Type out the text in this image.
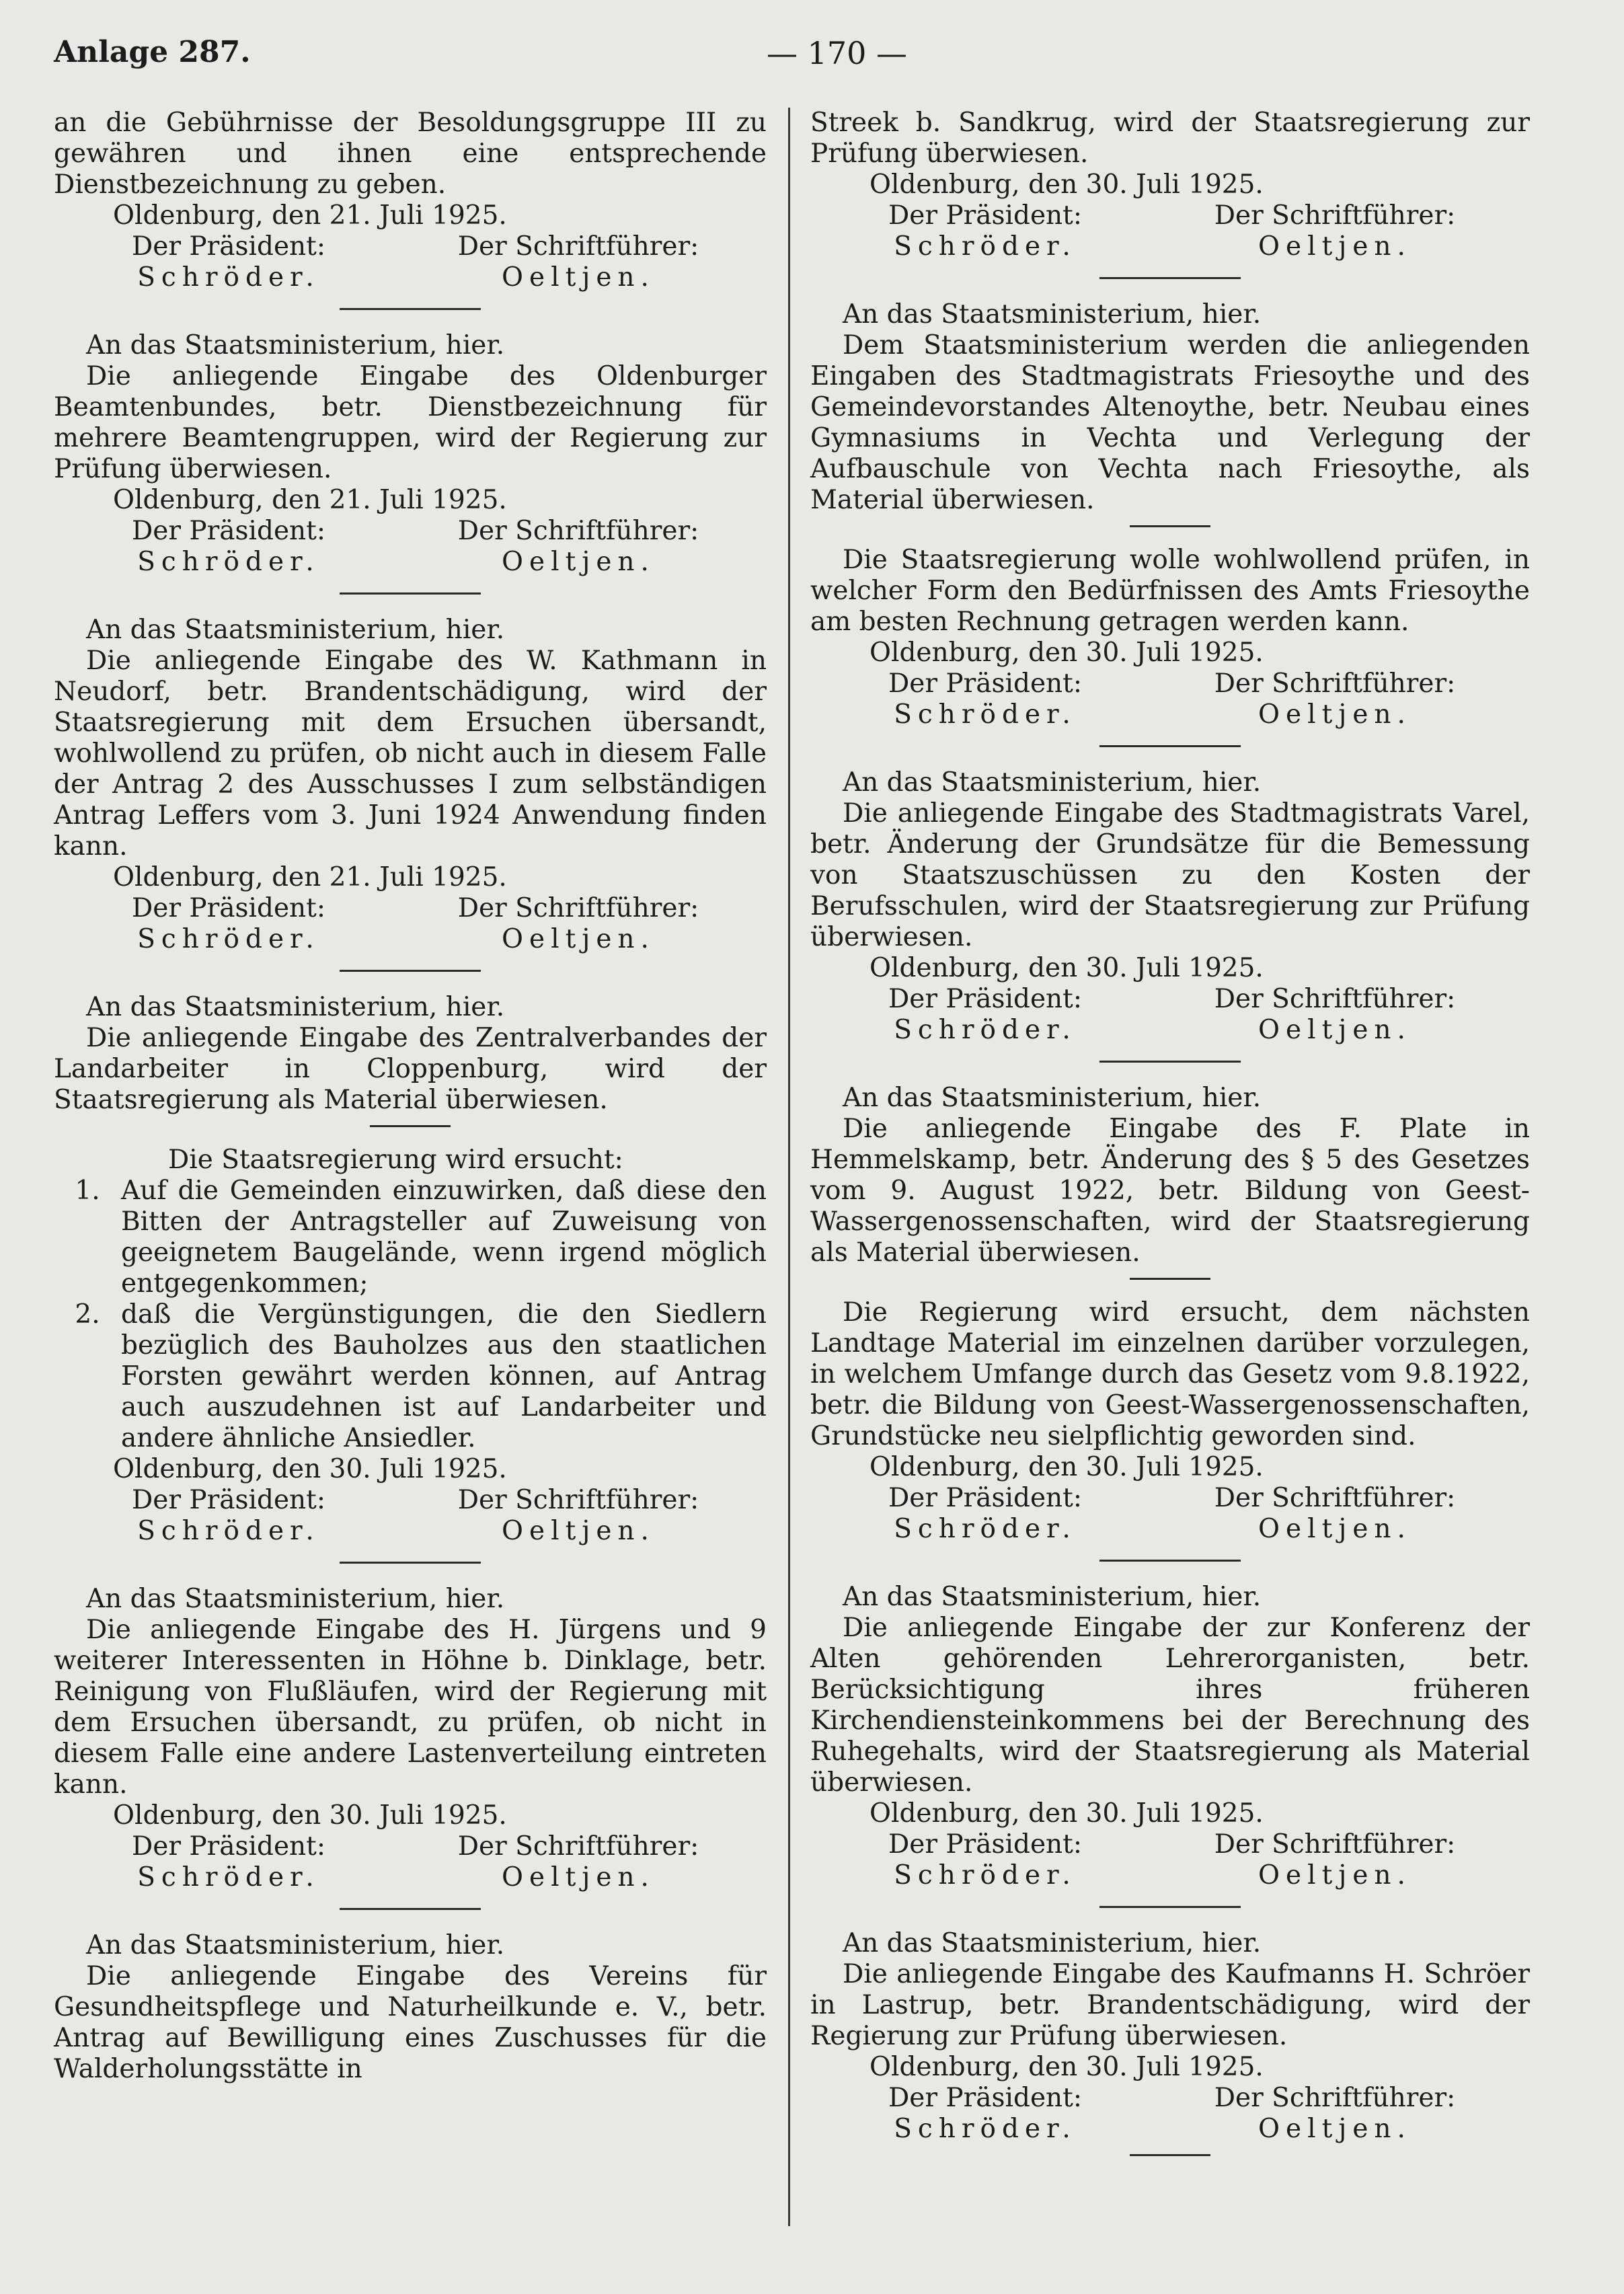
Anlage 287.	— 170 —

an die Gebührnisse der Besoldungsgruppe III zu gewähren und ihnen eine entsprechende Dienstbezeichnung zu geben.

Oldenburg, den 21. Juli 1925.

Der Präsident:	Der Schriftführer:
Schröder.	Oeltjen.

An das Staatsministerium, hier.

Die anliegende Eingabe des Oldenburger Beamtenbundes, betr. Dienstbezeichnung für mehrere Beamtengruppen, wird der Regierung zur Prüfung überwiesen.

Oldenburg, den 21. Juli 1925.

Der Präsident:	Der Schriftführer:
Schröder.	Oeltjen.

An das Staatsministerium, hier.

Die anliegende Eingabe des W. Kathmann in Neudorf, betr. Brandentschädigung, wird der Staatsregierung mit dem Ersuchen übersandt, wohlwollend zu prüfen, ob nicht auch in diesem Falle der Antrag 2 des Ausschusses I zum selbständigen Antrag Leffers vom 3. Juni 1924 Anwendung finden kann.

Oldenburg, den 21. Juli 1925.

Der Präsident:	Der Schriftführer:
Schröder.	Oeltjen.

An das Staatsministerium, hier.

Die anliegende Eingabe des Zentralverbandes der Landarbeiter in Cloppenburg, wird der Staatsregierung als Material überwiesen.

Die Staatsregierung wird ersucht:

1. Auf die Gemeinden einzuwirken, daß diese den Bitten der Antragsteller auf Zuweisung von geeignetem Baugelände, wenn irgend möglich entgegenkommen;
2. daß die Vergünstigungen, die den Siedlern bezüglich des Bauholzes aus den staatlichen Forsten gewährt werden können, auf Antrag auch auszudehnen ist auf Landarbeiter und andere ähnliche Ansiedler.

Oldenburg, den 30. Juli 1925.

Der Präsident:	Der Schriftführer:
Schröder.	Oeltjen.

An das Staatsministerium, hier.

Die anliegende Eingabe des H. Jürgens und 9 weiterer Interessenten in Höhne b. Dinklage, betr. Reinigung von Flußläufen, wird der Regierung mit dem Ersuchen übersandt, zu prüfen, ob nicht in diesem Falle eine andere Lastenverteilung eintreten kann.

Oldenburg, den 30. Juli 1925.

Der Präsident:	Der Schriftführer:
Schröder.	Oeltjen.

An das Staatsministerium, hier.

Die anliegende Eingabe des Vereins für Gesundheitspflege und Naturheilkunde e. V., betr. Antrag auf Bewilligung eines Zuschusses für die Walderholungsstätte in

Streek b. Sandkrug, wird der Staatsregierung zur Prüfung überwiesen.

Oldenburg, den 30. Juli 1925.

Der Präsident:	Der Schriftführer:
Schröder.	Oeltjen.

An das Staatsministerium, hier.

Dem Staatsministerium werden die anliegenden Eingaben des Stadtmagistrats Friesoythe und des Gemeindevorstandes Altenoythe, betr. Neubau eines Gymnasiums in Vechta und Verlegung der Aufbauschule von Vechta nach Friesoythe, als Material überwiesen.

Die Staatsregierung wolle wohlwollend prüfen, in welcher Form den Bedürfnissen des Amts Friesoythe am besten Rechnung getragen werden kann.

Oldenburg, den 30. Juli 1925.

Der Präsident:	Der Schriftführer:
Schröder.	Oeltjen.

An das Staatsministerium, hier.

Die anliegende Eingabe des Stadtmagistrats Varel, betr. Änderung der Grundsätze für die Bemessung von Staatszuschüssen zu den Kosten der Berufsschulen, wird der Staatsregierung zur Prüfung überwiesen.

Oldenburg, den 30. Juli 1925.

Der Präsident:	Der Schriftführer:
Schröder.	Oeltjen.

An das Staatsministerium, hier.

Die anliegende Eingabe des F. Plate in Hemmelskamp, betr. Änderung des § 5 des Gesetzes vom 9. August 1922, betr. Bildung von Geest-Wassergenossenschaften, wird der Staatsregierung als Material überwiesen.

Die Regierung wird ersucht, dem nächsten Landtage Material im einzelnen darüber vorzulegen, in welchem Umfange durch das Gesetz vom 9.8.1922, betr. die Bildung von Geest-Wassergenossenschaften, Grundstücke neu sielpflichtig geworden sind.

Oldenburg, den 30. Juli 1925.

Der Präsident:	Der Schriftführer:
Schröder.	Oeltjen.

An das Staatsministerium, hier.

Die anliegende Eingabe der zur Konferenz der Alten gehörenden Lehrerorganisten, betr. Berücksichtigung ihres früheren Kirchendiensteinkommens bei der Berechnung des Ruhegehalts, wird der Staatsregierung als Material überwiesen.

Oldenburg, den 30. Juli 1925.

Der Präsident:	Der Schriftführer:
Schröder.	Oeltjen.

An das Staatsministerium, hier.

Die anliegende Eingabe des Kaufmanns H. Schröer in Lastrup, betr. Brandentschädigung, wird der Regierung zur Prüfung überwiesen.

Oldenburg, den 30. Juli 1925.

Der Präsident:	Der Schriftführer:
Schröder.	Oeltjen.
